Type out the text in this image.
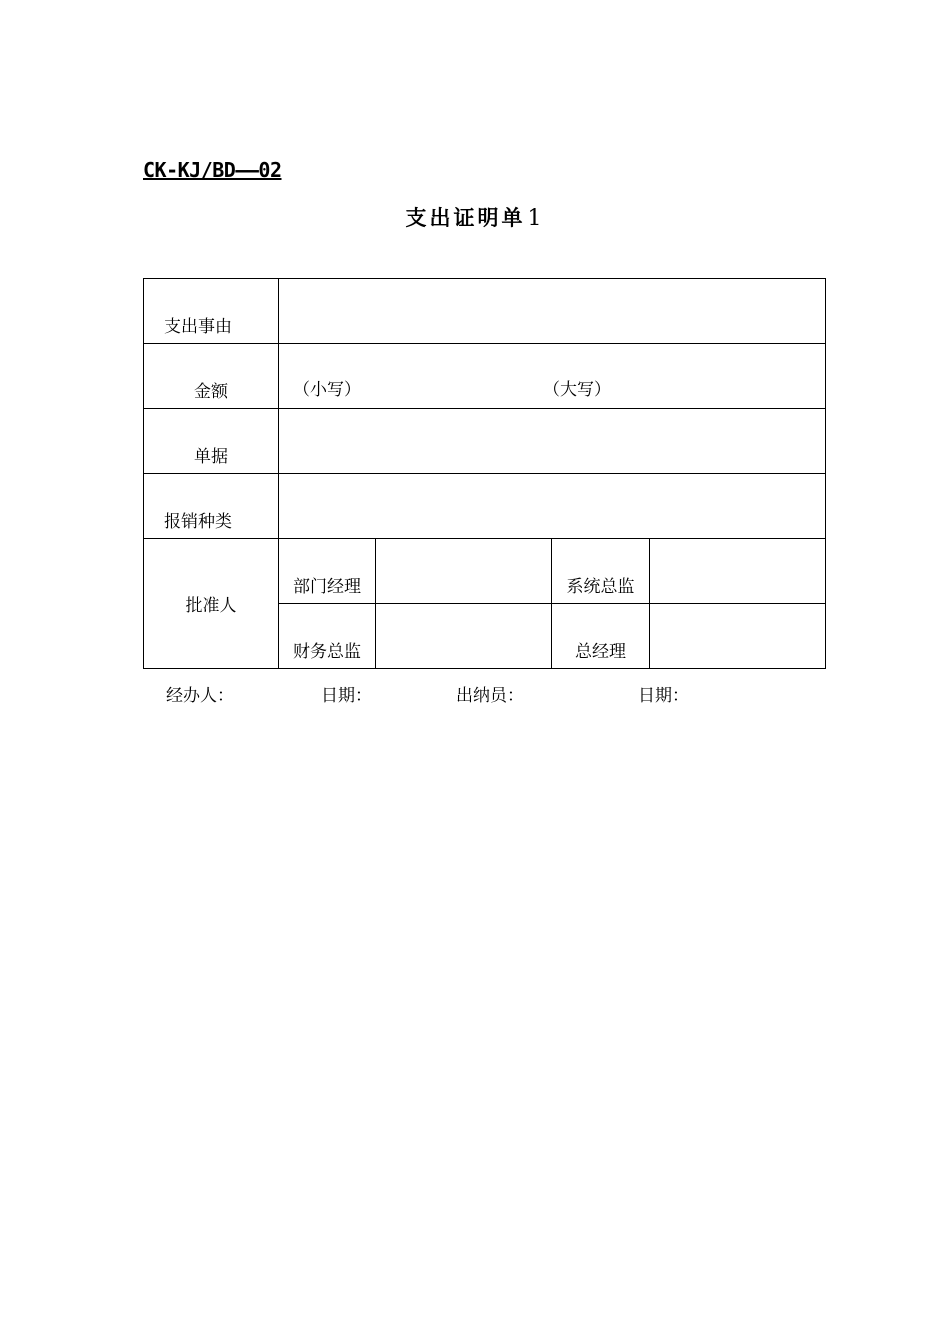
CK-KJ/BD——02
支出证明单1
支出事由				
金额	（小写） （大写）			

单据				
报销种类				
批准人	部门经理		系统总监	
	财务总监		总经理	
经办人：	日期：	出纳员：	日期：
